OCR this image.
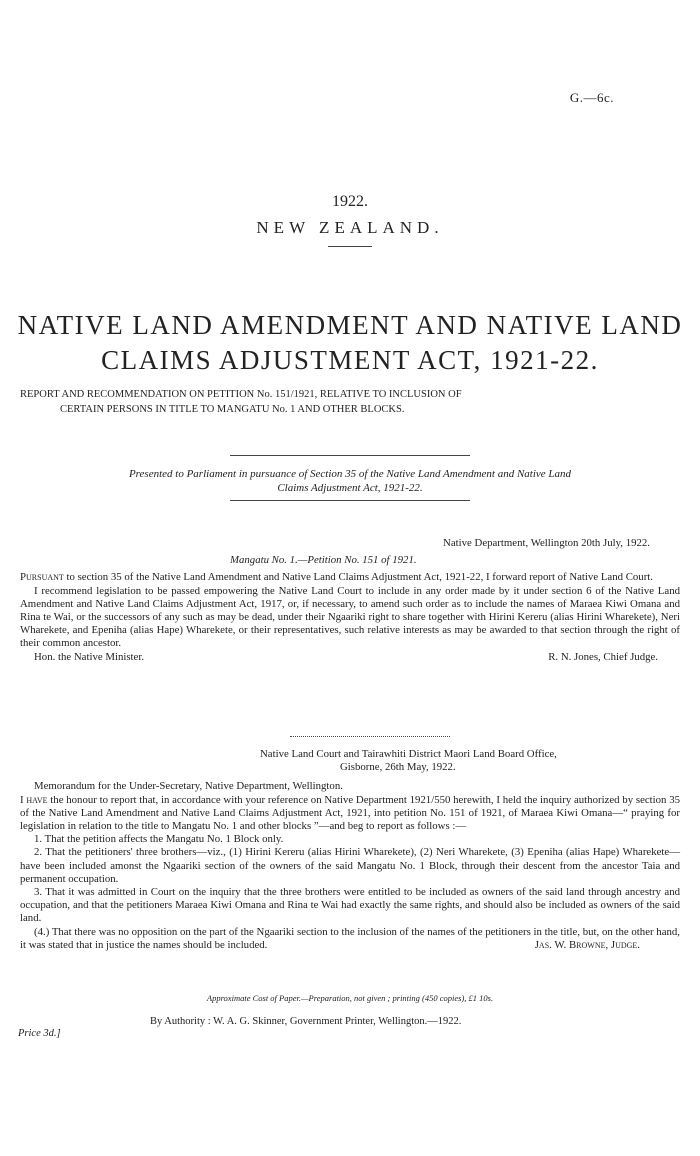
G.—6c.
1922.
NEW ZEALAND.
NATIVE LAND AMENDMENT AND NATIVE LAND
CLAIMS ADJUSTMENT ACT, 1921-22.
REPORT AND RECOMMENDATION ON PETITION No. 151/1921, RELATIVE TO INCLUSION OF
CERTAIN PERSONS IN TITLE TO MANGATU No. 1 AND OTHER BLOCKS.
Presented to Parliament in pursuance of Section 35 of the Native Land Amendment and Native Land
Claims Adjustment Act, 1921-22.

Native Department, Wellington 20th July, 1922.

Mangatu No. 1.—Petition No. 151 of 1921.

Pursuant to section 35 of the Native Land Amendment and Native Land Claims Adjustment Act, 1921-22, I forward report of Native Land Court.

I recommend legislation to be passed empowering the Native Land Court to include in any order made by it under section 6 of the Native Land Amendment and Native Land Claims Adjustment Act, 1917, or, if necessary, to amend such order as to include the names of Maraea Kiwi Omana and Rina te Wai, or the successors of any such as may be dead, under their Ngaariki right to share together with Hirini Kereru (alias Hirini Wharekete), Neri Wharekete, and Epeniha (alias Hape) Wharekete, or their representatives, such relative interests as may be awarded to that section through the right of their common ancestor.

Hon. the Native Minister.	R. N. Jones, Chief Judge.

Native Land Court and Tairawhiti District Maori Land Board Office,

Gisborne, 26th May, 1922.

Memorandum for the Under-Secretary, Native Department, Wellington.

I have the honour to report that, in accordance with your reference on Native Department 1921/550 herewith, I held the inquiry authorized by section 35 of the Native Land Amendment and Native Land Claims Adjustment Act, 1921, into petition No. 151 of 1921, of Maraea Kiwi Omana—“ praying for legislation in relation to the title to Mangatu No. 1 and other blocks ”—and beg to report as follows :—

1. That the petition affects the Mangatu No. 1 Block only.

2. That the petitioners' three brothers—viz., (1) Hirini Kereru (alias Hirini Wharekete), (2) Neri Wharekete, (3) Epeniha (alias Hape) Wharekete—have been included amonst the Ngaariki section of the owners of the said Mangatu No. 1 Block, through their descent from the ancestor Taia and permanent occupation.

3. That it was admitted in Court on the inquiry that the three brothers were entitled to be included as owners of the said land through ancestry and occupation, and that the petitioners Maraea Kiwi Omana and Rina te Wai had exactly the same rights, and should also be included as owners of the said land.

(4.) That there was no opposition on the part of the Ngaariki section to the inclusion of the names of the petitioners in the title, but, on the other hand, it was stated that in justice the names should be included.	Jas. W. Browne, Judge.

Approximate Cost of Paper.—Preparation, not given ; printing (450 copies), £1 10s.
By Authority : W. A. G. Skinner, Government Printer, Wellington.—1922.
Price 3d.]
